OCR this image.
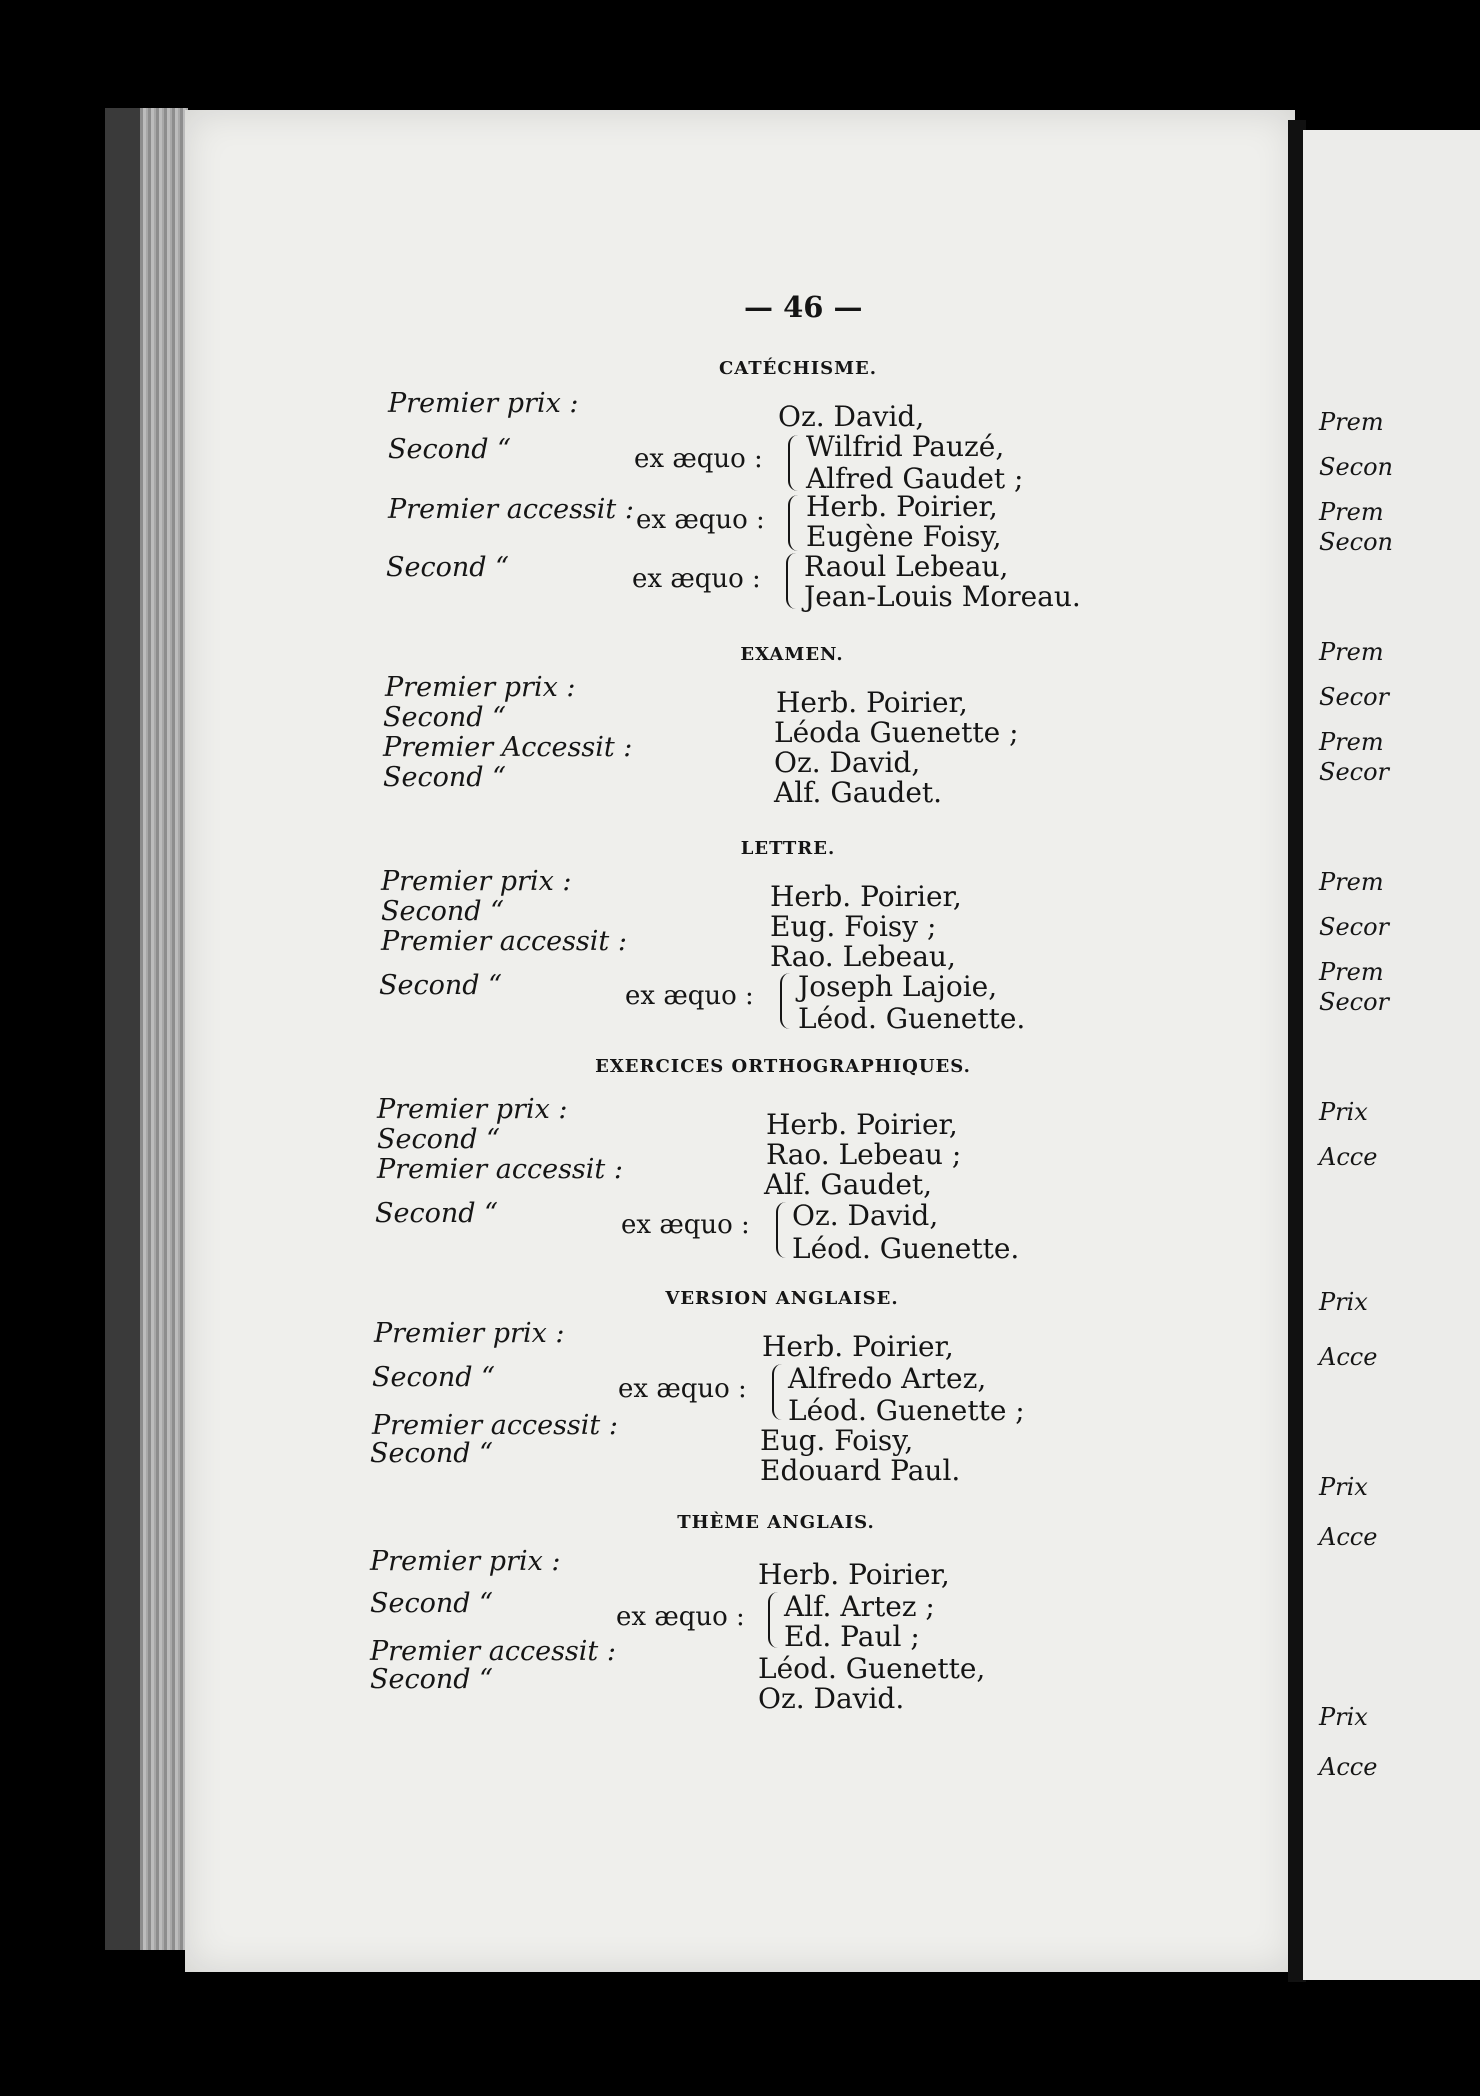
Prem
Secon
Prem
Secon
Prem
Secor
Prem
Secor
Prem
Secor
Prem
Secor
Prix
Acce
Prix
Acce
Prix
Acce
Prix
Acce
— 46 —
CATÉCHISME.
Premier prix :
Second “
Premier accessit :
Second “
ex æquo :
ex æquo :
ex æquo :
Oz. David,
Wilfrid Pauzé,
Alfred Gaudet ;
Herb. Poirier,
Eugène Foisy,
Raoul Lebeau,
Jean-Louis Moreau.
EXAMEN.
Premier prix :
Second “
Premier Accessit :
Second “
Herb. Poirier,
Léoda Guenette ;
Oz. David,
Alf. Gaudet.
LETTRE.
Premier prix :
Second “
Premier accessit :
Second “	ex æquo :
Herb. Poirier,
Eug. Foisy ;
Rao. Lebeau,
Joseph Lajoie,
Léod. Guenette.
EXERCICES ORTHOGRAPHIQUES.
Premier prix :
Second “
Premier accessit :
Second “	ex æquo :
Herb. Poirier,
Rao. Lebeau ;
Alf. Gaudet,
Oz. David,
Léod. Guenette.
VERSION ANGLAISE.
Premier prix :
Second “
Premier accessit :
Second “
ex æquo :
Herb. Poirier,
Alfredo Artez,
Léod. Guenette ;
Eug. Foisy,
Edouard Paul.
THÈME ANGLAIS.
Premier prix :
Second “
Premier accessit :
Second “
ex æquo :
Herb. Poirier,
Alf. Artez ;
Ed. Paul ;
Léod. Guenette,
Oz. David.
